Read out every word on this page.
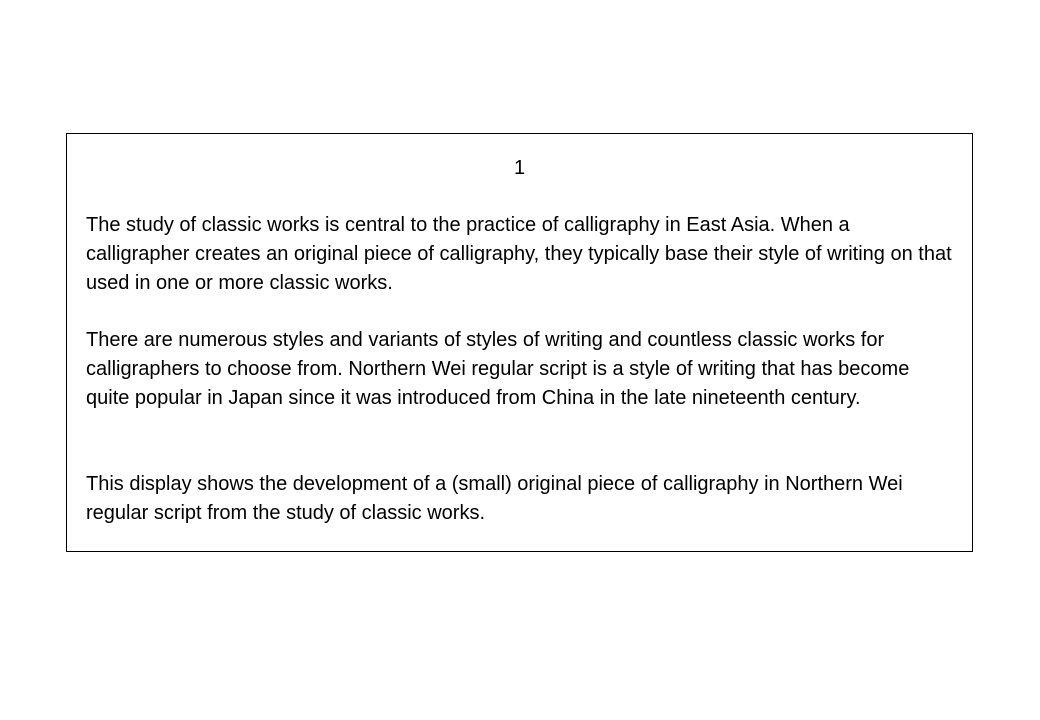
1

The study of classic works is central to the practice of calligraphy in East Asia. When a calligrapher creates an original piece of calligraphy, they typically base their style of writing on that used in one or more classic works.

There are numerous styles and variants of styles of writing and countless classic works for calligraphers to choose from. Northern Wei regular script is a style of writing that has become quite popular in Japan since it was introduced from China in the late nineteenth century.

This display shows the development of a (small) original piece of calligraphy in Northern Wei regular script from the study of classic works.
